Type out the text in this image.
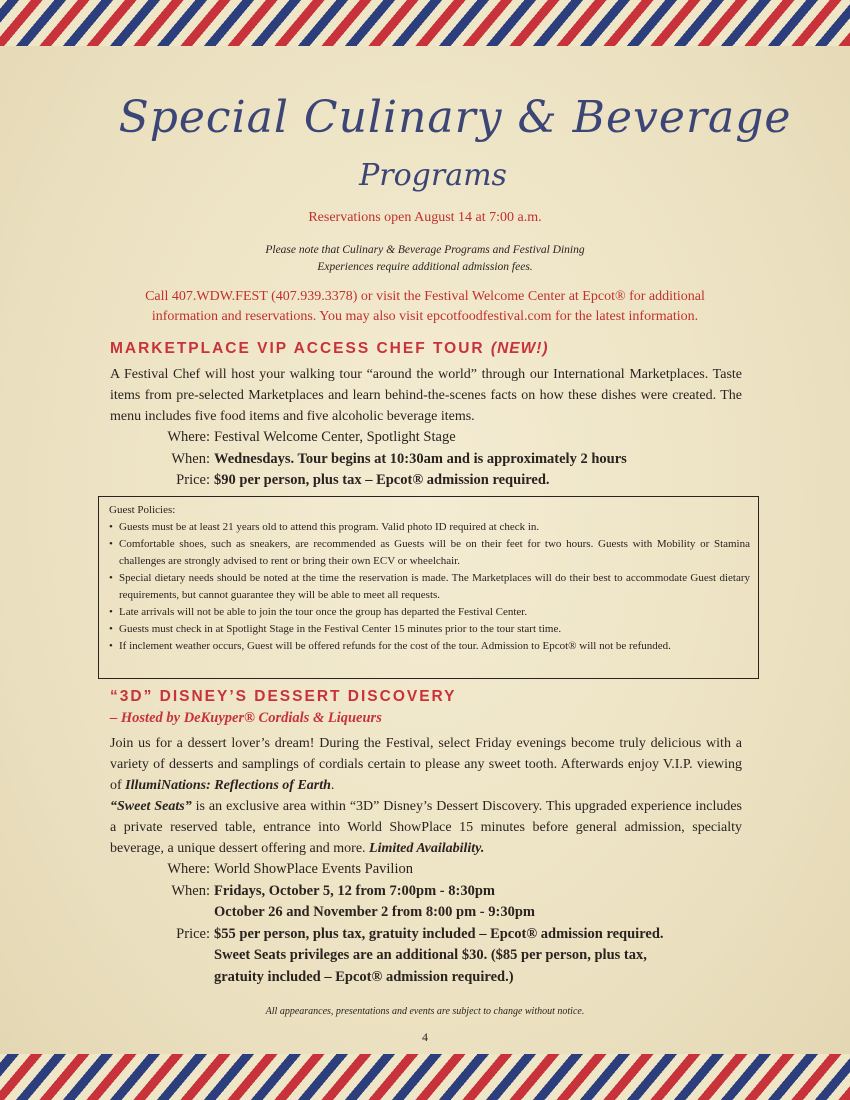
Special Culinary & Beverage
Programs
Reservations open August 14 at 7:00 a.m.
Please note that Culinary & Beverage Programs and Festival Dining
Experiences require additional admission fees.
Call 407.WDW.FEST (407.939.3378) or visit the Festival Welcome Center at Epcot® for additional
information and reservations. You may also visit epcotfoodfestival.com for the latest information.
MARKETPLACE VIP ACCESS CHEF TOUR (NEW!)
A Festival Chef will host your walking tour “around the world” through our International Marketplaces. Taste items from pre-selected Marketplaces and learn behind-the-scenes facts on how these dishes were created. The menu includes five food items and five alcoholic beverage items.
Where: Festival Welcome Center, Spotlight Stage
When: Wednesdays. Tour begins at 10:30am and is approximately 2 hours
Price: $90 per person, plus tax – Epcot® admission required.
Guest Policies:
• Guests must be at least 21 years old to attend this program. Valid photo ID required at check in.
• Comfortable shoes, such as sneakers, are recommended as Guests will be on their feet for two hours. Guests with Mobility or Stamina challenges are strongly advised to rent or bring their own ECV or wheelchair.
• Special dietary needs should be noted at the time the reservation is made. The Marketplaces will do their best to accommodate Guest dietary requirements, but cannot guarantee they will be able to meet all requests.
• Late arrivals will not be able to join the tour once the group has departed the Festival Center.
• Guests must check in at Spotlight Stage in the Festival Center 15 minutes prior to the tour start time.
• If inclement weather occurs, Guest will be offered refunds for the cost of the tour. Admission to Epcot® will not be refunded.
“3D” DISNEY’S DESSERT DISCOVERY
– Hosted by DeKuyper® Cordials & Liqueurs
Join us for a dessert lover’s dream! During the Festival, select Friday evenings become truly delicious with a variety of desserts and samplings of cordials certain to please any sweet tooth. Afterwards enjoy V.I.P. viewing of IllumiNations: Reflections of Earth.
“Sweet Seats” is an exclusive area within “3D” Disney’s Dessert Discovery. This upgraded experience includes a private reserved table, entrance into World ShowPlace 15 minutes before general admission, specialty beverage, a unique dessert offering and more. Limited Availability.
Where: World ShowPlace Events Pavilion
When: Fridays, October 5, 12 from 7:00pm - 8:30pm
October 26 and November 2 from 8:00 pm - 9:30pm
Price: $55 per person, plus tax, gratuity included – Epcot® admission required.
Sweet Seats privileges are an additional $30. ($85 per person, plus tax,
gratuity included – Epcot® admission required.)
All appearances, presentations and events are subject to change without notice.
4
